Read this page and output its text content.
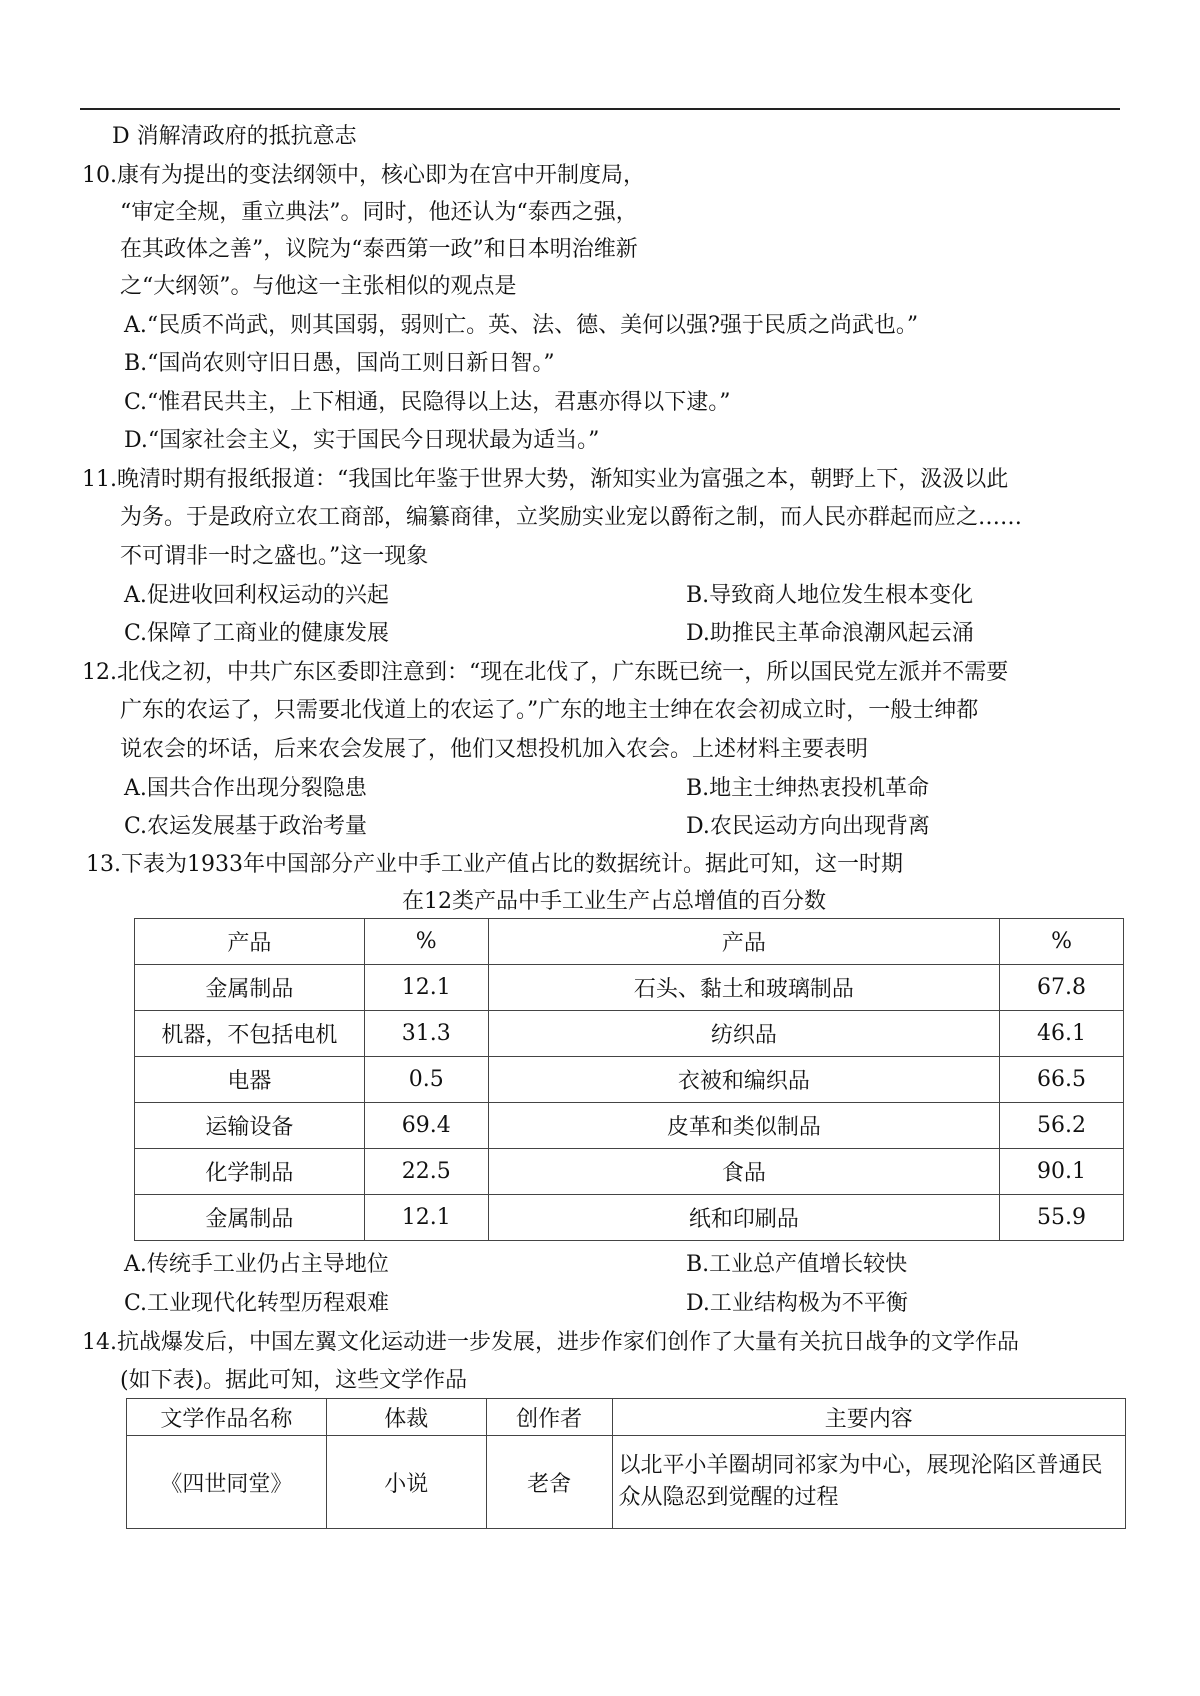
D 消解清政府的抵抗意志
10.康有为提出的变法纲领中，核心即为在宫中开制度局，
“审定全规，重立典法”。同时，他还认为“泰西之强，
在其政体之善”，议院为“泰西第一政”和日本明治维新
之“大纲领”。与他这一主张相似的观点是
A.“民质不尚武，则其国弱，弱则亡。英、法、德、美何以强?强于民质之尚武也。”
B.“国尚农则守旧日愚，国尚工则日新日智。”
C.“惟君民共主，上下相通，民隐得以上达，君惠亦得以下逮。”
D.“国家社会主义，实于国民今日现状最为适当。”
11.晚清时期有报纸报道：“我国比年鉴于世界大势，渐知实业为富强之本，朝野上下，汲汲以此
为务。于是政府立农工商部，编纂商律，立奖励实业宠以爵衔之制，而人民亦群起而应之……
不可谓非一时之盛也。”这一现象
A.促进收回利权运动的兴起	B.导致商人地位发生根本变化
C.保障了工商业的健康发展	D.助推民主革命浪潮风起云涌
12.北伐之初，中共广东区委即注意到：“现在北伐了，广东既已统一，所以国民党左派并不需要
广东的农运了，只需要北伐道上的农运了。”广东的地主士绅在农会初成立时，一般士绅都
说农会的坏话，后来农会发展了，他们又想投机加入农会。上述材料主要表明
A.国共合作出现分裂隐患	B.地主士绅热衷投机革命
C.农运发展基于政治考量	D.农民运动方向出现背离
13.下表为1933年中国部分产业中手工业产值占比的数据统计。据此可知，这一时期
在12类产品中手工业生产占总增值的百分数
产品	%	产品	%
金属制品	12.1	石头、黏土和玻璃制品	67.8
机器，不包括电机	31.3	纺织品	46.1
电器	0.5	衣被和编织品	66.5
运输设备	69.4	皮革和类似制品	56.2
化学制品	22.5	食品	90.1
金属制品	12.1	纸和印刷品	55.9
A.传统手工业仍占主导地位	B.工业总产值增长较快
C.工业现代化转型历程艰难	D.工业结构极为不平衡
14.抗战爆发后，中国左翼文化运动进一步发展，进步作家们创作了大量有关抗日战争的文学作品
(如下表)。据此可知，这些文学作品
文学作品名称	体裁	创作者	主要内容
《四世同堂》	小说	老舍	以北平小羊圈胡同祁家为中心，展现沦陷区普通民众从隐忍到觉醒的过程
